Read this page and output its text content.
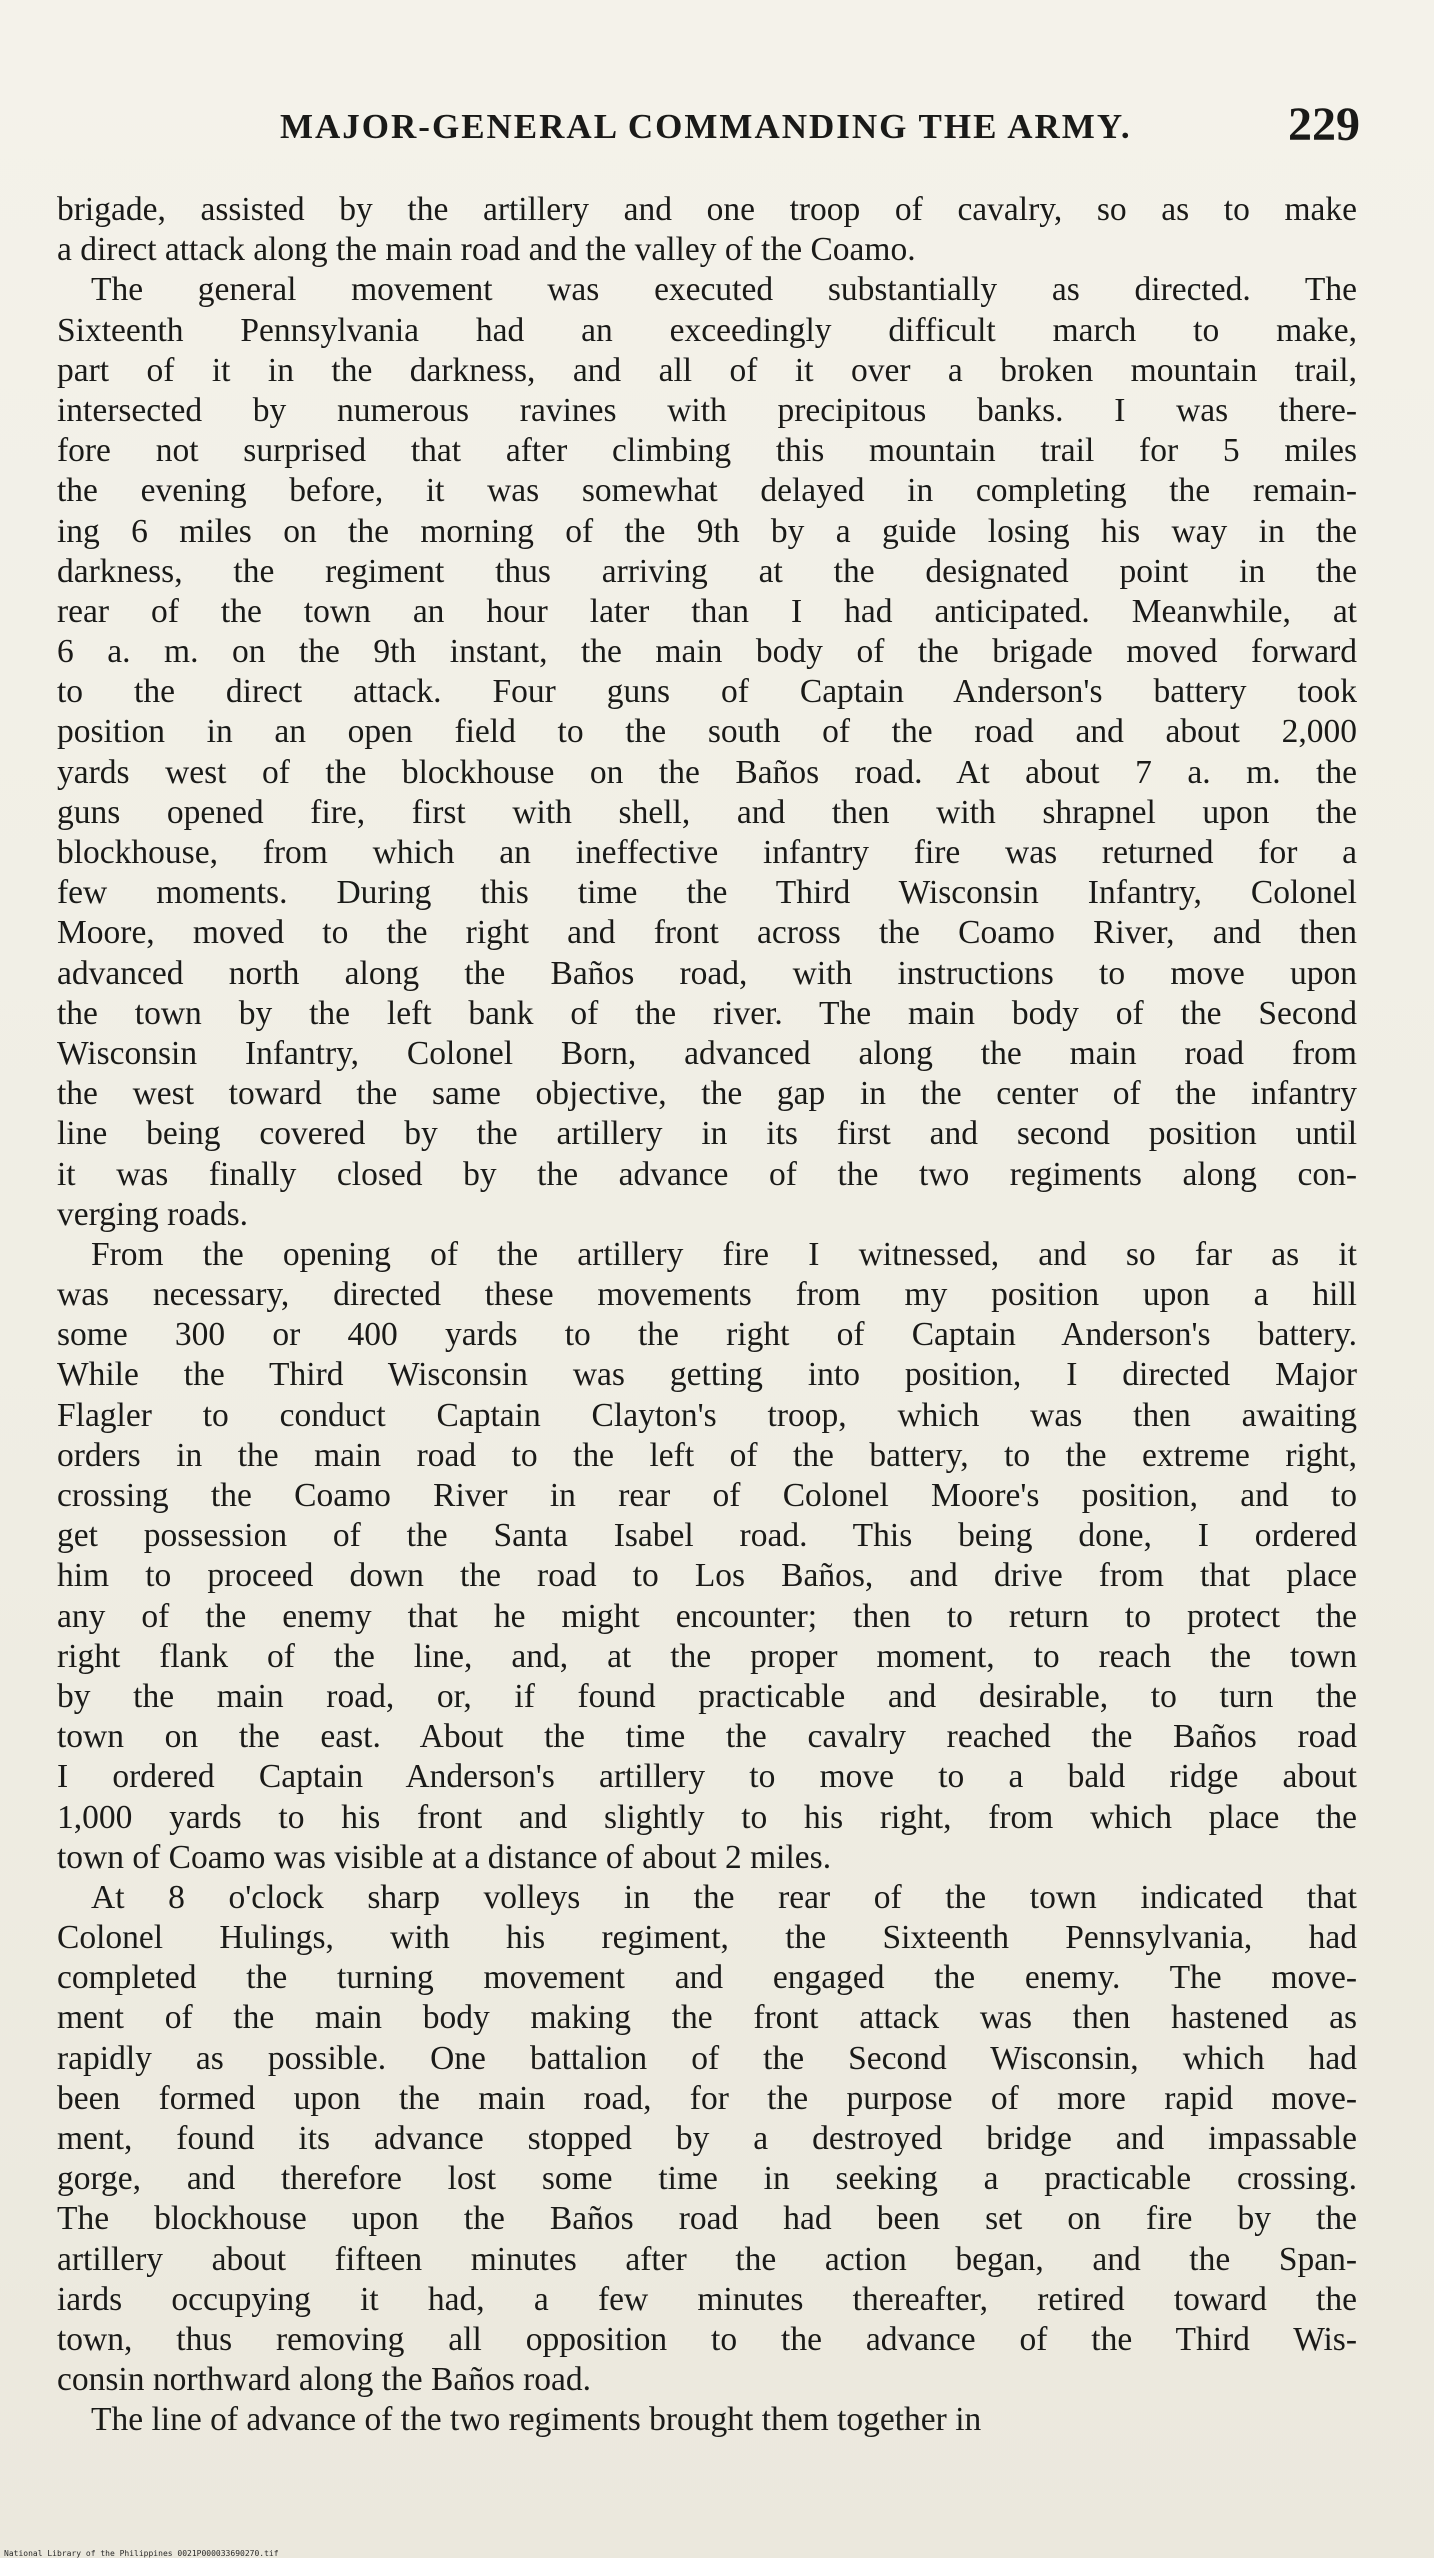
MAJOR-GENERAL COMMANDING THE ARMY.	229
brigade, assisted by the artillery and one troop of cavalry, so as to make
a direct attack along the main road and the valley of the Coamo.
The general movement was executed substantially as directed. The
Sixteenth Pennsylvania had an exceedingly difficult march to make,
part of it in the darkness, and all of it over a broken mountain trail,
intersected by numerous ravines with precipitous banks. I was there-
fore not surprised that after climbing this mountain trail for 5 miles
the evening before, it was somewhat delayed in completing the remain-
ing 6 miles on the morning of the 9th by a guide losing his way in the
darkness, the regiment thus arriving at the designated point in the
rear of the town an hour later than I had anticipated. Meanwhile, at
6 a. m. on the 9th instant, the main body of the brigade moved forward
to the direct attack. Four guns of Captain Anderson's battery took
position in an open field to the south of the road and about 2,000
yards west of the blockhouse on the Baños road. At about 7 a. m. the
guns opened fire, first with shell, and then with shrapnel upon the
blockhouse, from which an ineffective infantry fire was returned for a
few moments. During this time the Third Wisconsin Infantry, Colonel
Moore, moved to the right and front across the Coamo River, and then
advanced north along the Baños road, with instructions to move upon
the town by the left bank of the river. The main body of the Second
Wisconsin Infantry, Colonel Born, advanced along the main road from
the west toward the same objective, the gap in the center of the infantry
line being covered by the artillery in its first and second position until
it was finally closed by the advance of the two regiments along con-
verging roads.
From the opening of the artillery fire I witnessed, and so far as it
was necessary, directed these movements from my position upon a hill
some 300 or 400 yards to the right of Captain Anderson's battery.
While the Third Wisconsin was getting into position, I directed Major
Flagler to conduct Captain Clayton's troop, which was then awaiting
orders in the main road to the left of the battery, to the extreme right,
crossing the Coamo River in rear of Colonel Moore's position, and to
get possession of the Santa Isabel road. This being done, I ordered
him to proceed down the road to Los Baños, and drive from that place
any of the enemy that he might encounter; then to return to protect the
right flank of the line, and, at the proper moment, to reach the town
by the main road, or, if found practicable and desirable, to turn the
town on the east. About the time the cavalry reached the Baños road
I ordered Captain Anderson's artillery to move to a bald ridge about
1,000 yards to his front and slightly to his right, from which place the
town of Coamo was visible at a distance of about 2 miles.
At 8 o'clock sharp volleys in the rear of the town indicated that
Colonel Hulings, with his regiment, the Sixteenth Pennsylvania, had
completed the turning movement and engaged the enemy. The move-
ment of the main body making the front attack was then hastened as
rapidly as possible. One battalion of the Second Wisconsin, which had
been formed upon the main road, for the purpose of more rapid move-
ment, found its advance stopped by a destroyed bridge and impassable
gorge, and therefore lost some time in seeking a practicable crossing.
The blockhouse upon the Baños road had been set on fire by the
artillery about fifteen minutes after the action began, and the Span-
iards occupying it had, a few minutes thereafter, retired toward the
town, thus removing all opposition to the advance of the Third Wis-
consin northward along the Baños road.
The line of advance of the two regiments brought them together in
National Library of the Philippines 0021P000033690270.tif
